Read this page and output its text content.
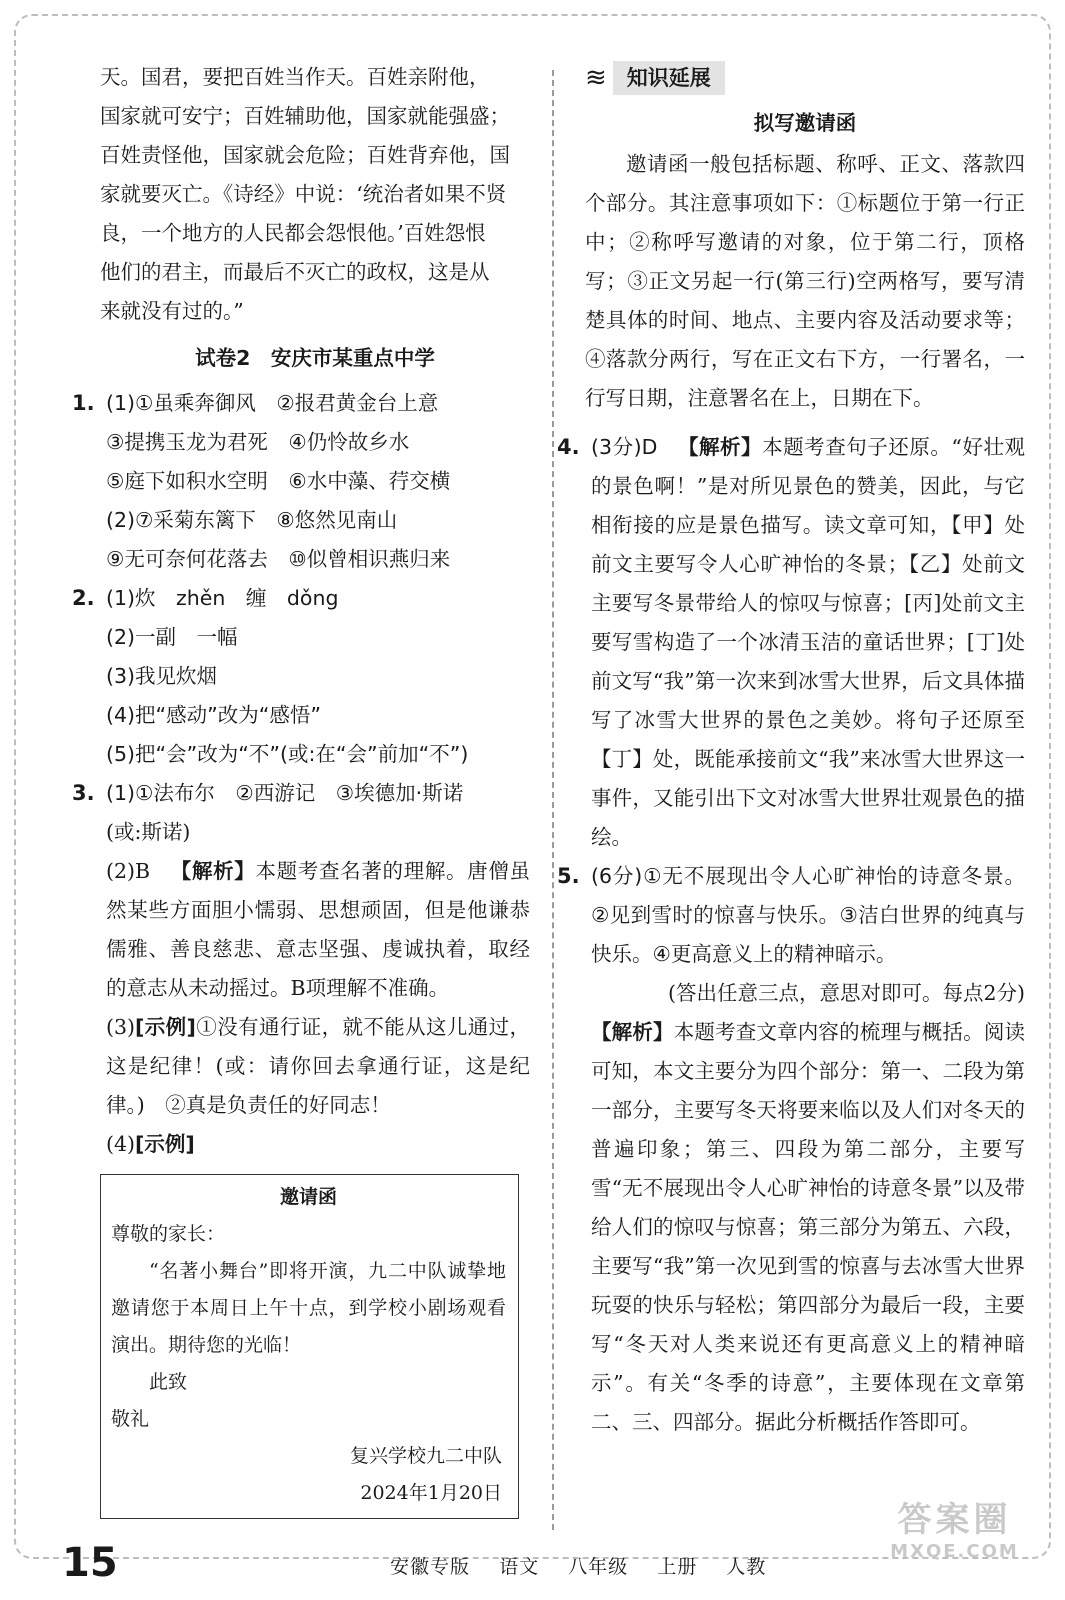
天。国君，要把百姓当作天。百姓亲附他，

国家就可安宁；百姓辅助他，国家就能强盛；

百姓责怪他，国家就会危险；百姓背弃他，国

家就要灭亡。《诗经》中说：‘统治者如果不贤

良，一个地方的人民都会怨恨他。’百姓怨恨

他们的君主，而最后不灭亡的政权，这是从

来就没有过的。”

试卷2　安庆市某重点中学
1. (1)①虽乘奔御风　②报君黄金台上意
③提携玉龙为君死　④仍怜故乡水
⑤庭下如积水空明　⑥水中藻、荇交横
(2)⑦采菊东篱下　⑧悠然见南山
⑨无可奈何花落去　⑩似曾相识燕归来
2. (1)炊　zhěn　缠　dǒng
(2)一副　一幅
(3)我见炊烟
(4)把“感动”改为“感悟”
(5)把“会”改为“不”(或:在“会”前加“不”)
3. (1)①法布尔　②西游记　③埃德加·斯诺
(或:斯诺)

(2)B 【解析】本题考查名著的理解。唐僧虽然某些方面胆小懦弱、思想顽固，但是他谦恭儒雅、善良慈悲、意志坚强、虔诚执着，取经的意志从未动摇过。B项理解不准确。

(3)[示例]①没有通行证，就不能从这儿通过，这是纪律！(或：请你回去拿通行证，这是纪律。)　②真是负责任的好同志！

(4)[示例]

邀请函
尊敬的家长：

“名著小舞台”即将开演，九二中队诚挚地邀请您于本周日上午十点，到学校小剧场观看演出。期待您的光临！

此致
敬礼
复兴学校九二中队
2024年1月20日
≋ 知识延展
拟写邀请函

邀请函一般包括标题、称呼、正文、落款四个部分。其注意事项如下：①标题位于第一行正中；②称呼写邀请的对象，位于第二行，顶格写；③正文另起一行(第三行)空两格写，要写清楚具体的时间、地点、主要内容及活动要求等；④落款分两行，写在正文右下方，一行署名，一行写日期，注意署名在上，日期在下。

4. (3分)D 【解析】本题考查句子还原。“好壮观的景色啊！”是对所见景色的赞美，因此，与它相衔接的应是景色描写。读文章可知，【甲】处前文主要写令人心旷神怡的冬景；【乙】处前文主要写冬景带给人的惊叹与惊喜；[丙]处前文主要写雪构造了一个冰清玉洁的童话世界；[丁]处前文写“我”第一次来到冰雪大世界，后文具体描写了冰雪大世界的景色之美妙。将句子还原至【丁】处，既能承接前文“我”来冰雪大世界这一事件，又能引出下文对冰雪大世界壮观景色的描绘。

5. (6分)①无不展现出令人心旷神怡的诗意冬景。②见到雪时的惊喜与快乐。③洁白世界的纯真与快乐。④更高意义上的精神暗示。

(答出任意三点，意思对即可。每点2分)

【解析】本题考查文章内容的梳理与概括。阅读可知，本文主要分为四个部分：第一、二段为第一部分，主要写冬天将要来临以及人们对冬天的普遍印象；第三、四段为第二部分，主要写雪“无不展现出令人心旷神怡的诗意冬景”以及带给人们的惊叹与惊喜；第三部分为第五、六段，主要写“我”第一次见到雪的惊喜与去冰雪大世界玩耍的快乐与轻松；第四部分为最后一段，主要写“冬天对人类来说还有更高意义上的精神暗示”。有关“冬季的诗意”，主要体现在文章第二、三、四部分。据此分析概括作答即可。

15	安徽专版 语文 八年级 上册 人教
答案圈
MXQE.COM
